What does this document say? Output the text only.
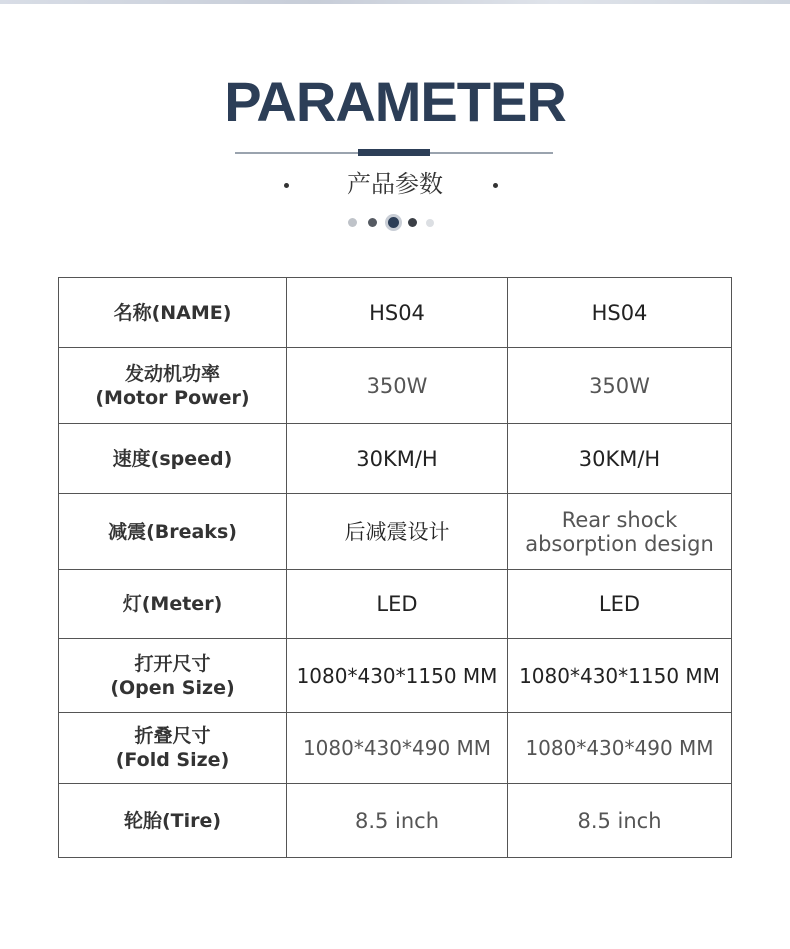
PARAMETER
产品参数
名称(NAME)	HS04	HS04

发动机功率
(Motor Power)	350W	350W

速度(speed)	30KM/H	30KM/H

减震(Breaks)	后减震设计	Rear shock
absorption design

灯(Meter)	LED	LED

打开尺寸
(Open Size)	1080*430*1150 MM	1080*430*1150 MM

折叠尺寸
(Fold Size)	1080*430*490 MM	1080*430*490 MM

轮胎(Tire)	8.5 inch	8.5 inch
